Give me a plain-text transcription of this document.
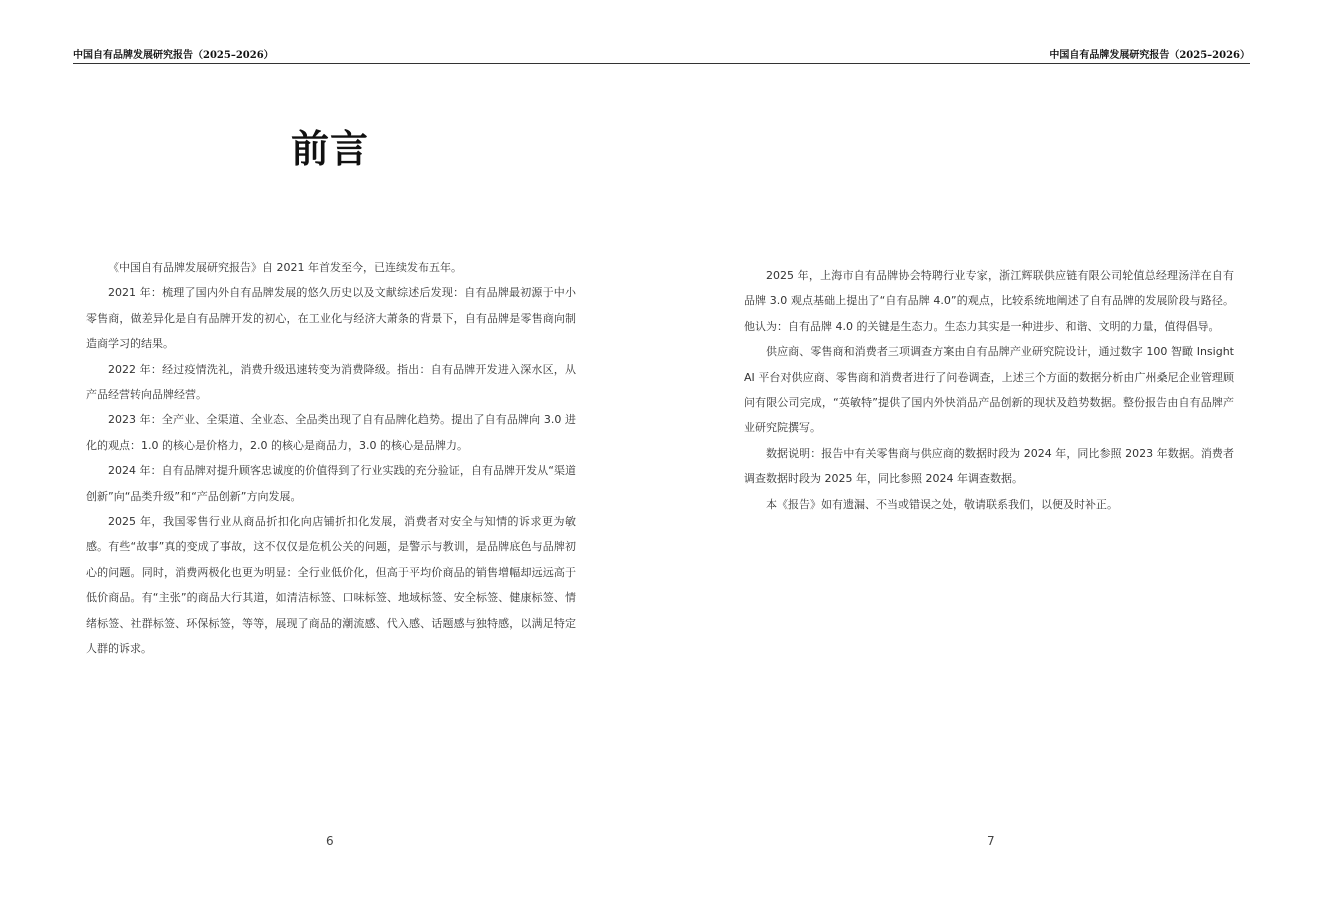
中国自有品牌发展研究报告（2025–2026）	中国自有品牌发展研究报告（2025–2026）
前言

《中国自有品牌发展研究报告》自 2021 年首发至今，已连续发布五年。

2021 年：梳理了国内外自有品牌发展的悠久历史以及文献综述后发现：自有品牌最初源于中小零售商，做差异化是自有品牌开发的初心，在工业化与经济大萧条的背景下，自有品牌是零售商向制造商学习的结果。

2022 年：经过疫情洗礼，消费升级迅速转变为消费降级。指出：自有品牌开发进入深水区，从产品经营转向品牌经营。

2023 年：全产业、全渠道、全业态、全品类出现了自有品牌化趋势。提出了自有品牌向 3.0 进化的观点：1.0 的核心是价格力，2.0 的核心是商品力，3.0 的核心是品牌力。

2024 年：自有品牌对提升顾客忠诚度的价值得到了行业实践的充分验证，自有品牌开发从“渠道创新”向“品类升级”和“产品创新”方向发展。

2025 年，我国零售行业从商品折扣化向店铺折扣化发展，消费者对安全与知情的诉求更为敏感。有些“故事”真的变成了事故，这不仅仅是危机公关的问题，是警示与教训，是品牌底色与品牌初心的问题。同时，消费两极化也更为明显：全行业低价化，但高于平均价商品的销售增幅却远远高于低价商品。有“主张”的商品大行其道，如清洁标签、口味标签、地域标签、安全标签、健康标签、情绪标签、社群标签、环保标签，等等，展现了商品的潮流感、代入感、话题感与独特感，以满足特定人群的诉求。

2025 年，上海市自有品牌协会特聘行业专家，浙江辉联供应链有限公司轮值总经理汤洋在自有品牌 3.0 观点基础上提出了“自有品牌 4.0”的观点，比较系统地阐述了自有品牌的发展阶段与路径。他认为：自有品牌 4.0 的关键是生态力。生态力其实是一种进步、和谐、文明的力量，值得倡导。

供应商、零售商和消费者三项调查方案由自有品牌产业研究院设计，通过数字 100 智瞰 Insight AI 平台对供应商、零售商和消费者进行了问卷调查，上述三个方面的数据分析由广州桑尼企业管理顾问有限公司完成，“英敏特”提供了国内外快消品产品创新的现状及趋势数据。整份报告由自有品牌产业研究院撰写。

数据说明：报告中有关零售商与供应商的数据时段为 2024 年，同比参照 2023 年数据。消费者调查数据时段为 2025 年，同比参照 2024 年调查数据。

本《报告》如有遗漏、不当或错误之处，敬请联系我们，以便及时补正。

6	7
